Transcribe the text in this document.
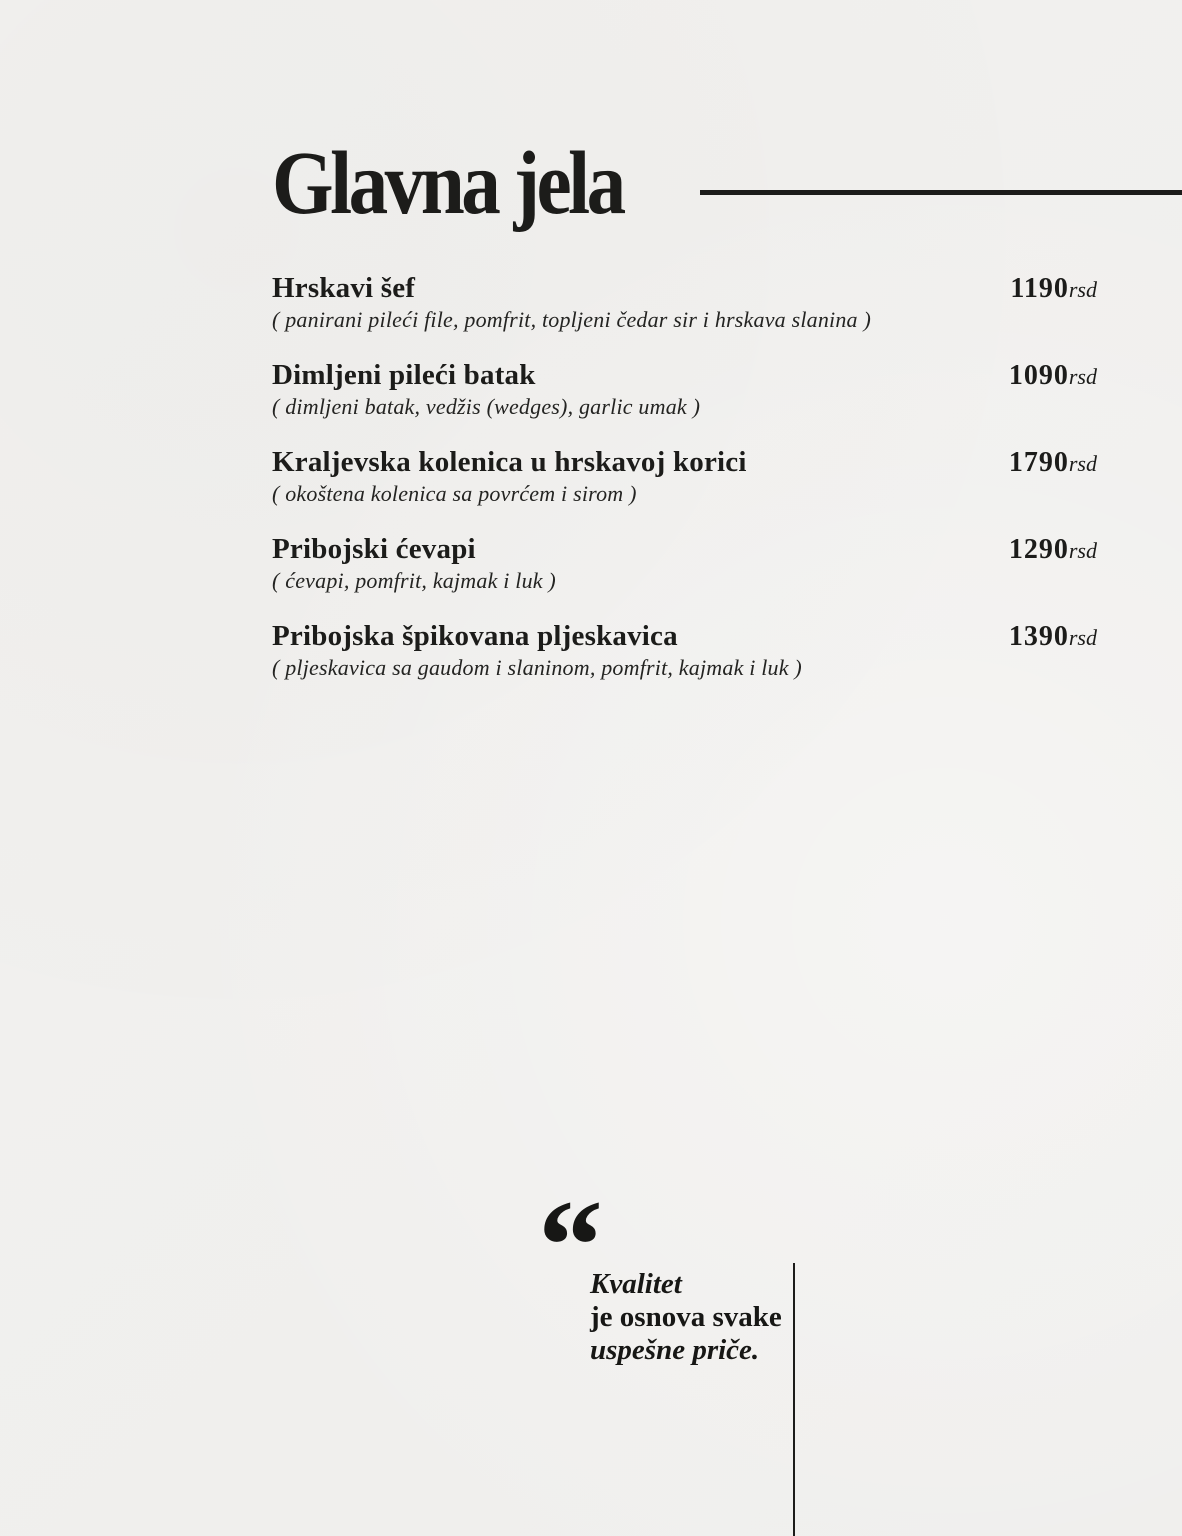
Glavna jela
Hrskavi šef	1190rsd
( panirani pileći file, pomfrit, topljeni čedar sir i hrskava slanina )
Dimljeni pileći batak	1090rsd
( dimljeni batak, vedžis (wedges), garlic umak )
Kraljevska kolenica u hrskavoj korici	1790rsd
( okoštena kolenica sa povrćem i sirom )
Pribojski ćevapi	1290rsd
( ćevapi, pomfrit, kajmak i luk )
Pribojska špikovana pljeskavica	1390rsd
( pljeskavica sa gaudom i slaninom, pomfrit, kajmak i luk )
“
Kvalitet
je osnova svake
uspešne priče.
